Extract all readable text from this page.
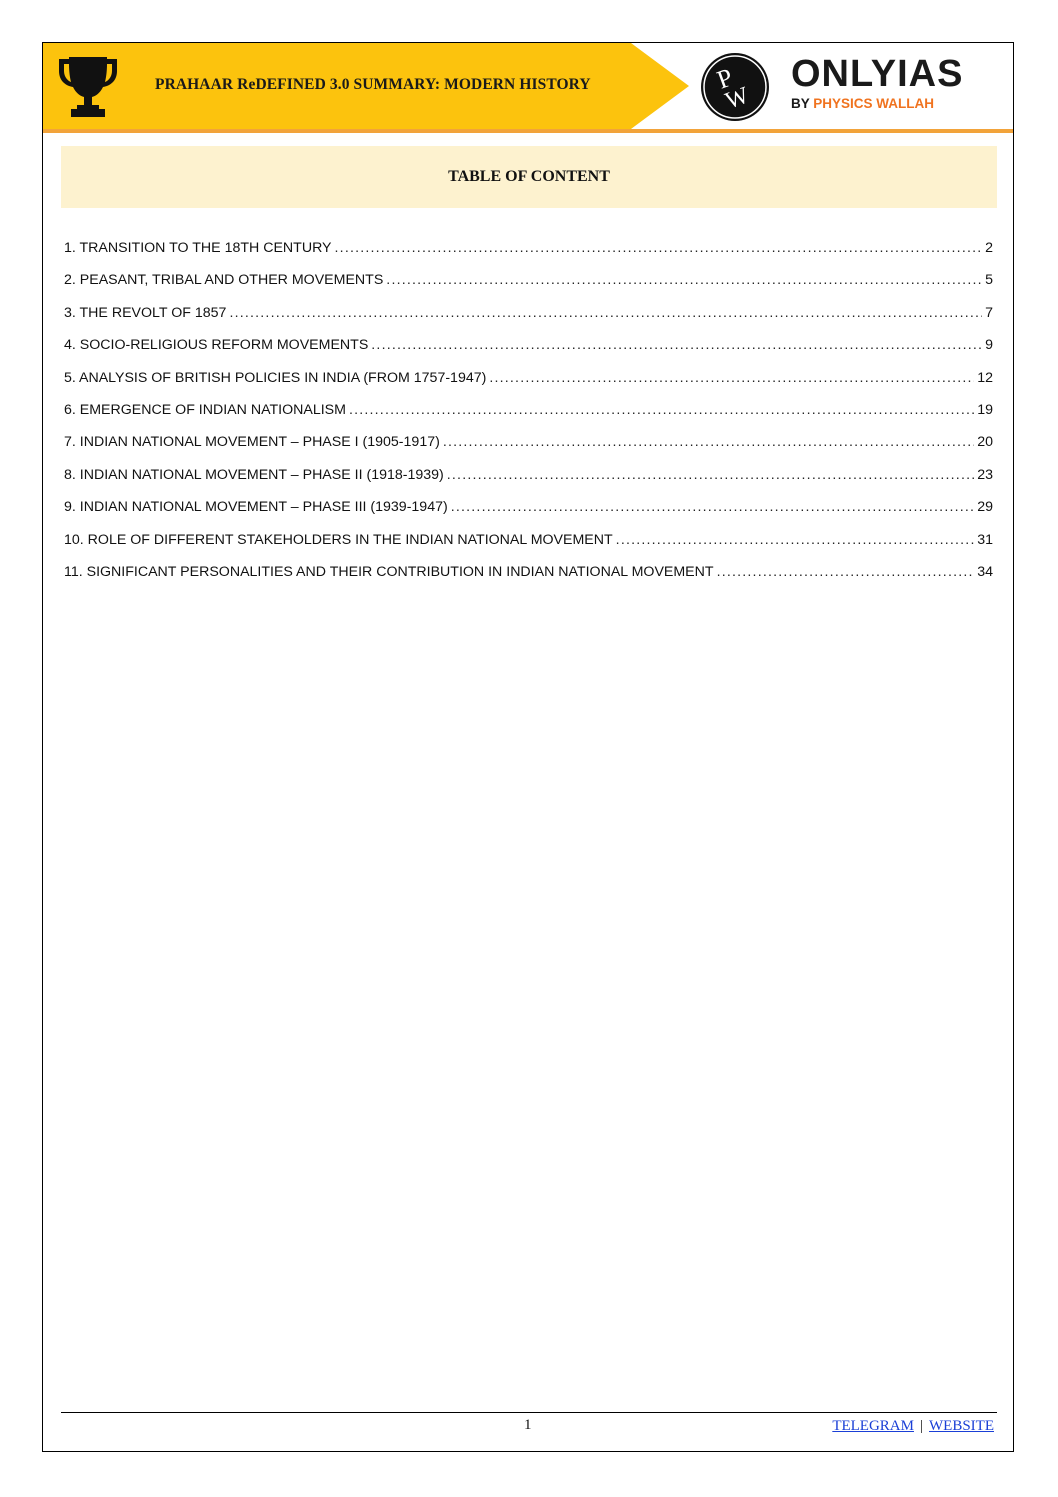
PRAHAAR ReDEFINED 3.0 SUMMARY: MODERN HISTORY	P
W
ONLYIAS
BY PHYSICS WALLAH
TABLE OF CONTENT
1. TRANSITION TO THE 18TH CENTURY .....	2
2. PEASANT, TRIBAL AND OTHER MOVEMENTS .....	5
3. THE REVOLT OF 1857 .....	7
4. SOCIO-RELIGIOUS REFORM MOVEMENTS .....	9
5. ANALYSIS OF BRITISH POLICIES IN INDIA (FROM 1757-1947) .....	12
6. EMERGENCE OF INDIAN NATIONALISM .....	19
7. INDIAN NATIONAL MOVEMENT – PHASE I (1905-1917) .....	20
8. INDIAN NATIONAL MOVEMENT – PHASE II (1918-1939) .....	23
9. INDIAN NATIONAL MOVEMENT – PHASE III (1939-1947) .....	29
10. ROLE OF DIFFERENT STAKEHOLDERS IN THE INDIAN NATIONAL MOVEMENT .....	31
11. SIGNIFICANT PERSONALITIES AND THEIR CONTRIBUTION IN INDIAN NATIONAL MOVEMENT .....	34
1	TELEGRAM | WEBSITE
